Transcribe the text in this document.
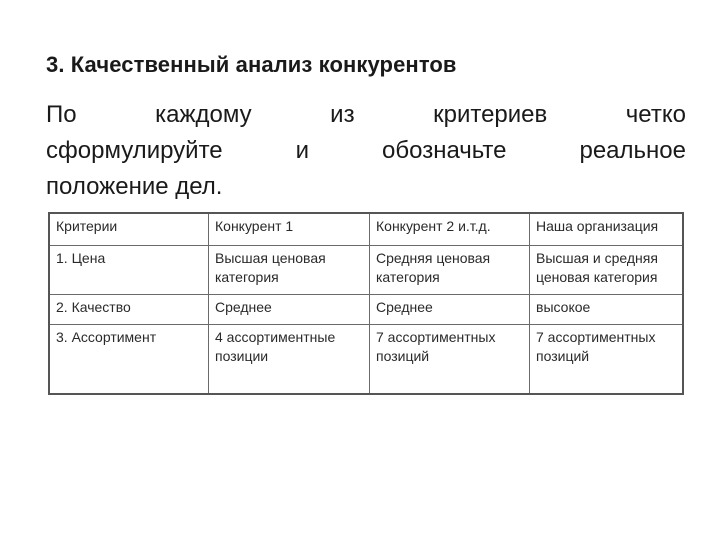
3. Качественный анализ конкурентов
По	каждому	из	критериев	четко
сформулируйте	и	обозначьте	реальное
положение дел.
Критерии	Конкурент 1	Конкурент 2 и.т.д.	Наша организация
1. Цена	Высшая ценовая категория	Средняя ценовая категория	Высшая и средняя ценовая категория
2. Качество	Среднее	Среднее	высокое
3. Ассортимент	4 ассортиментные позиции	7 ассортиментных позиций	7 ассортиментных позиций
